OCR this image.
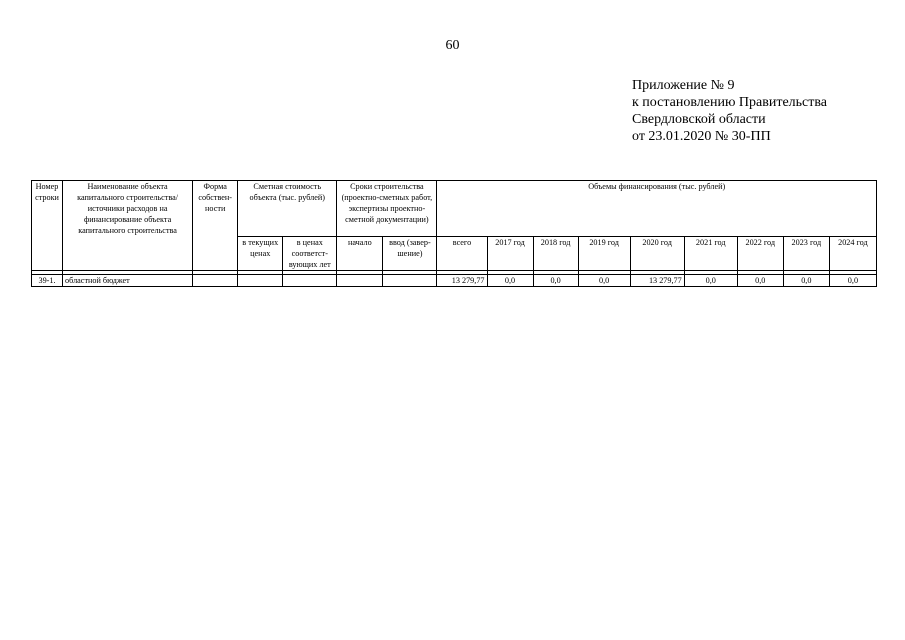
60
Приложение № 9
к постановлению Правительства
Свердловской области
от 23.01.2020 № 30-ПП
Номер строки	Наименование объекта капитального строительства/ источники расходов на финансирование объекта капитального строительства	Форма собствен-ности	Сметная стоимость объекта (тыс. рублей)		Сроки строительства (проектно-сметных работ, экспертизы проектно-сметной документации)		Объемы финансирования (тыс. рублей)								
			в текущих ценах	в ценах соответст-вующих лет	начало	ввод (завер-шение)	всего	2017 год	2018 год	2019 год	2020 год	2021 год	2022 год	2023 год	2024 год

39-1.	областной бюджет						13 279,77	0,0	0,0	0,0	13 279,77	0,0	0,0	0,0	0,0
